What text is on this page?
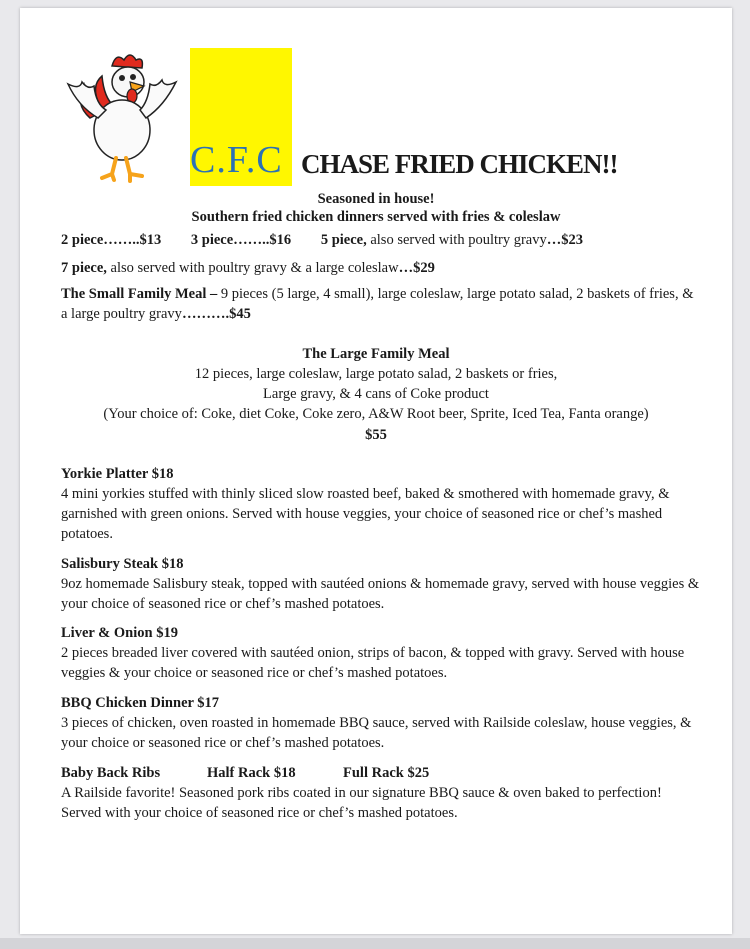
C.F.C CHASE FRIED CHICKEN!!
Seasoned in house!
Southern fried chicken dinners served with fries & coleslaw
2 piece……..$13 3 piece……..$16 5 piece, also served with poultry gravy…$23
7 piece, also served with poultry gravy & a large coleslaw…$29
The Small Family Meal – 9 pieces (5 large, 4 small), large coleslaw, large potato salad, 2 baskets of fries, & a large poultry gravy……….$45
The Large Family Meal
12 pieces, large coleslaw, large potato salad, 2 baskets or fries,
Large gravy, & 4 cans of Coke product
(Your choice of: Coke, diet Coke, Coke zero, A&W Root beer, Sprite, Iced Tea, Fanta orange)
$55
Yorkie Platter $18

4 mini yorkies stuffed with thinly sliced slow roasted beef, baked & smothered with homemade gravy, & garnished with green onions. Served with house veggies, your choice of seasoned rice or chef’s mashed potatoes.

Salisbury Steak $18

9oz homemade Salisbury steak, topped with sautéed onions & homemade gravy, served with house veggies & your choice of seasoned rice or chef’s mashed potatoes.

Liver & Onion $19

2 pieces breaded liver covered with sautéed onion, strips of bacon, & topped with gravy. Served with house veggies & your choice or seasoned rice or chef’s mashed potatoes.

BBQ Chicken Dinner $17

3 pieces of chicken, oven roasted in homemade BBQ sauce, served with Railside coleslaw, house veggies, & your choice or seasoned rice or chef’s mashed potatoes.

Baby Back Ribs	Half Rack $18	Full Rack $25

A Railside favorite! Seasoned pork ribs coated in our signature BBQ sauce & oven baked to perfection! Served with your choice of seasoned rice or chef’s mashed potatoes.
